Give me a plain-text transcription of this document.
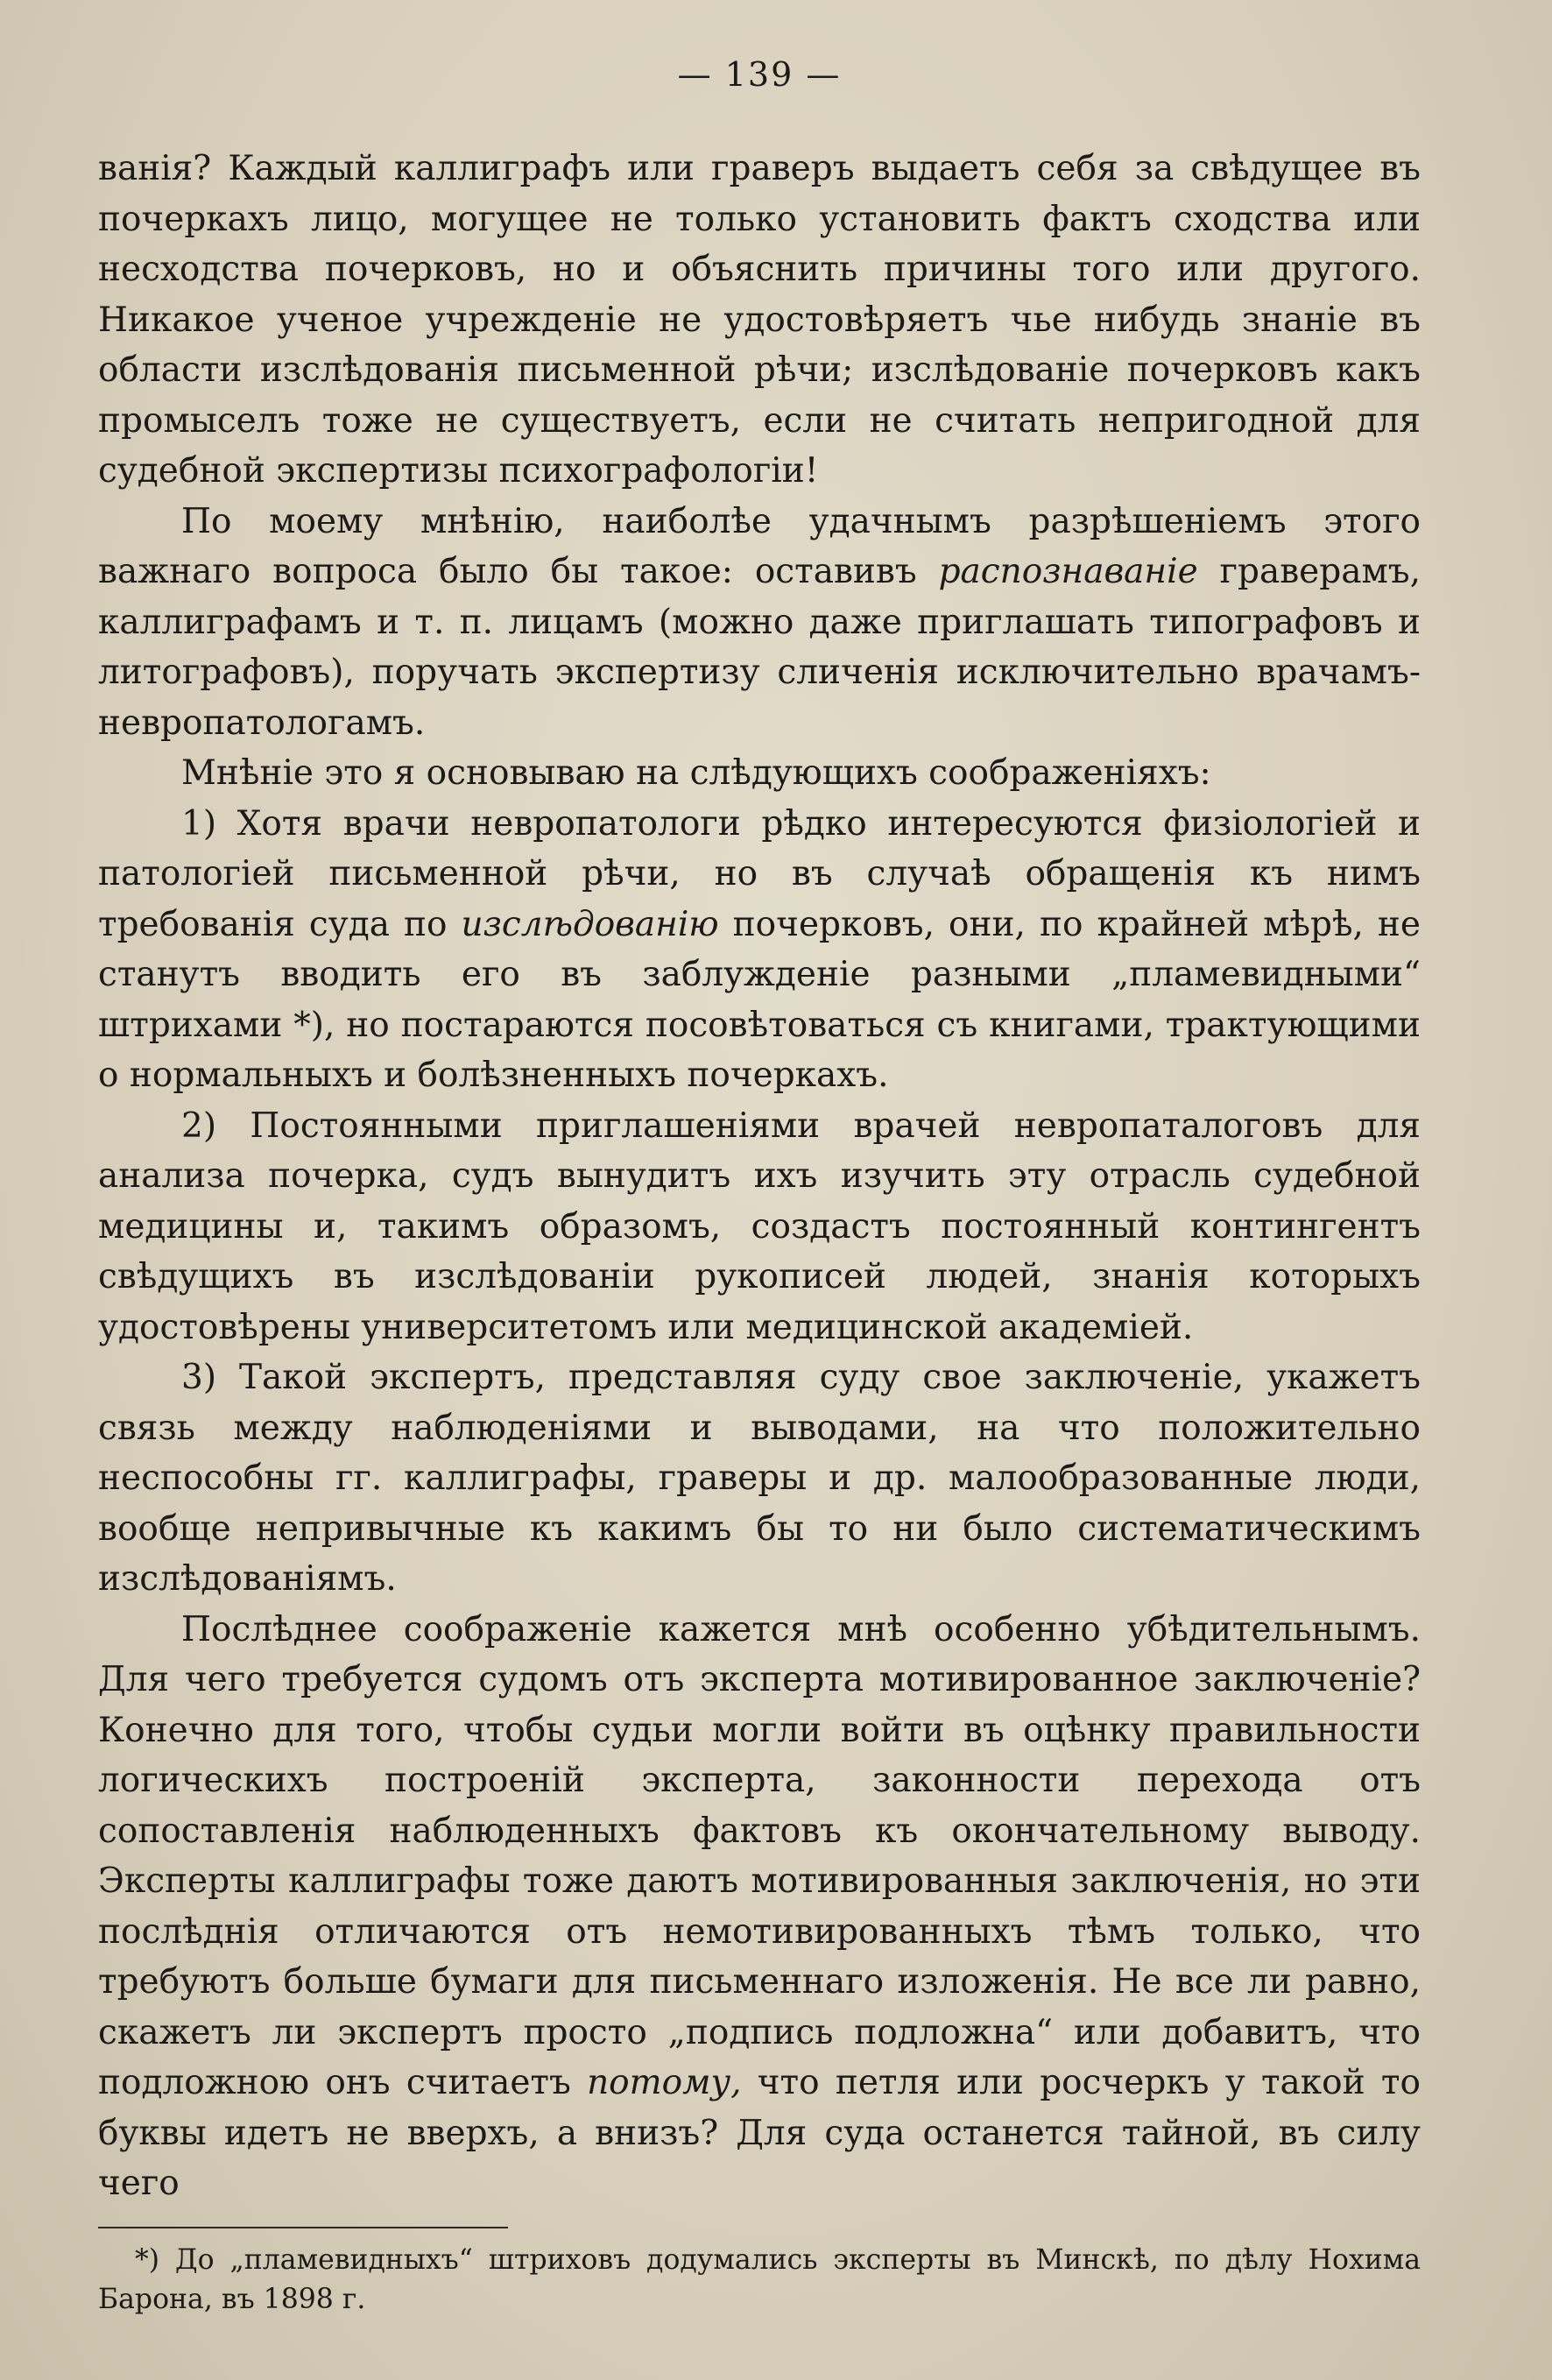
— 139 —

ванія? Каждый каллиграфъ или граверъ выдаетъ себя за свѣдущее въ почеркахъ лицо, могущее не только установить фактъ сходства или несходства почерковъ, но и объяснить причины того или другого. Никакое ученое учрежденіе не удостовѣряетъ чье нибудь знаніе въ области изслѣдованія письменной рѣчи; изслѣдованіе почерковъ какъ промыселъ тоже не существуетъ, если не считать непригодной для судебной экспертизы психографологіи!

По моему мнѣнію, наиболѣе удачнымъ разрѣшеніемъ этого важнаго вопроса было бы такое: оставивъ распознаваніе граверамъ, каллиграфамъ и т. п. лицамъ (можно даже приглашать типографовъ и литографовъ), поручать экспертизу сличенія исключительно врачамъ-невропатологамъ.

Мнѣніе это я основываю на слѣдующихъ соображеніяхъ:

1) Хотя врачи невропатологи рѣдко интересуются физіологіей и патологіей письменной рѣчи, но въ случаѣ обращенія къ нимъ требованія суда по изслѣдованію почерковъ, они, по крайней мѣрѣ, не станутъ вводить его въ заблужденіе разными „пламевидными“ штрихами *), но постараются посовѣтоваться съ книгами, трактующими о нормальныхъ и болѣзненныхъ почеркахъ.

2) Постоянными приглашеніями врачей невропаталоговъ для анализа почерка, судъ вынудитъ ихъ изучить эту отрасль судебной медицины и, такимъ образомъ, создастъ постоянный контингентъ свѣдущихъ въ изслѣдованіи рукописей людей, знанія которыхъ удостовѣрены университетомъ или медицинской академіей.

3) Такой экспертъ, представляя суду свое заключеніе, укажетъ связь между наблюденіями и выводами, на что положительно неспособны гг. каллиграфы, граверы и др. малообразованные люди, вообще непривычные къ какимъ бы то ни было систематическимъ изслѣдованіямъ.

Послѣднее соображеніе кажется мнѣ особенно убѣдительнымъ. Для чего требуется судомъ отъ эксперта мотивированное заключеніе? Конечно для того, чтобы судьи могли войти въ оцѣнку правильности логическихъ построеній эксперта, законности перехода отъ сопоставленія наблюденныхъ фактовъ къ окончательному выводу. Эксперты каллиграфы тоже даютъ мотивированныя заключенія, но эти послѣднія отличаются отъ немотивированныхъ тѣмъ только, что требуютъ больше бумаги для письменнаго изложенія. Не все ли равно, скажетъ ли экспертъ просто „подпись подложна“ или добавитъ, что подложною онъ считаетъ потому, что петля или росчеркъ у такой то буквы идетъ не вверхъ, а внизъ? Для суда останется тайной, въ силу чего

*) До „пламевидныхъ“ штриховъ додумались эксперты въ Минскѣ, по дѣлу Нохима Барона, въ 1898 г.
